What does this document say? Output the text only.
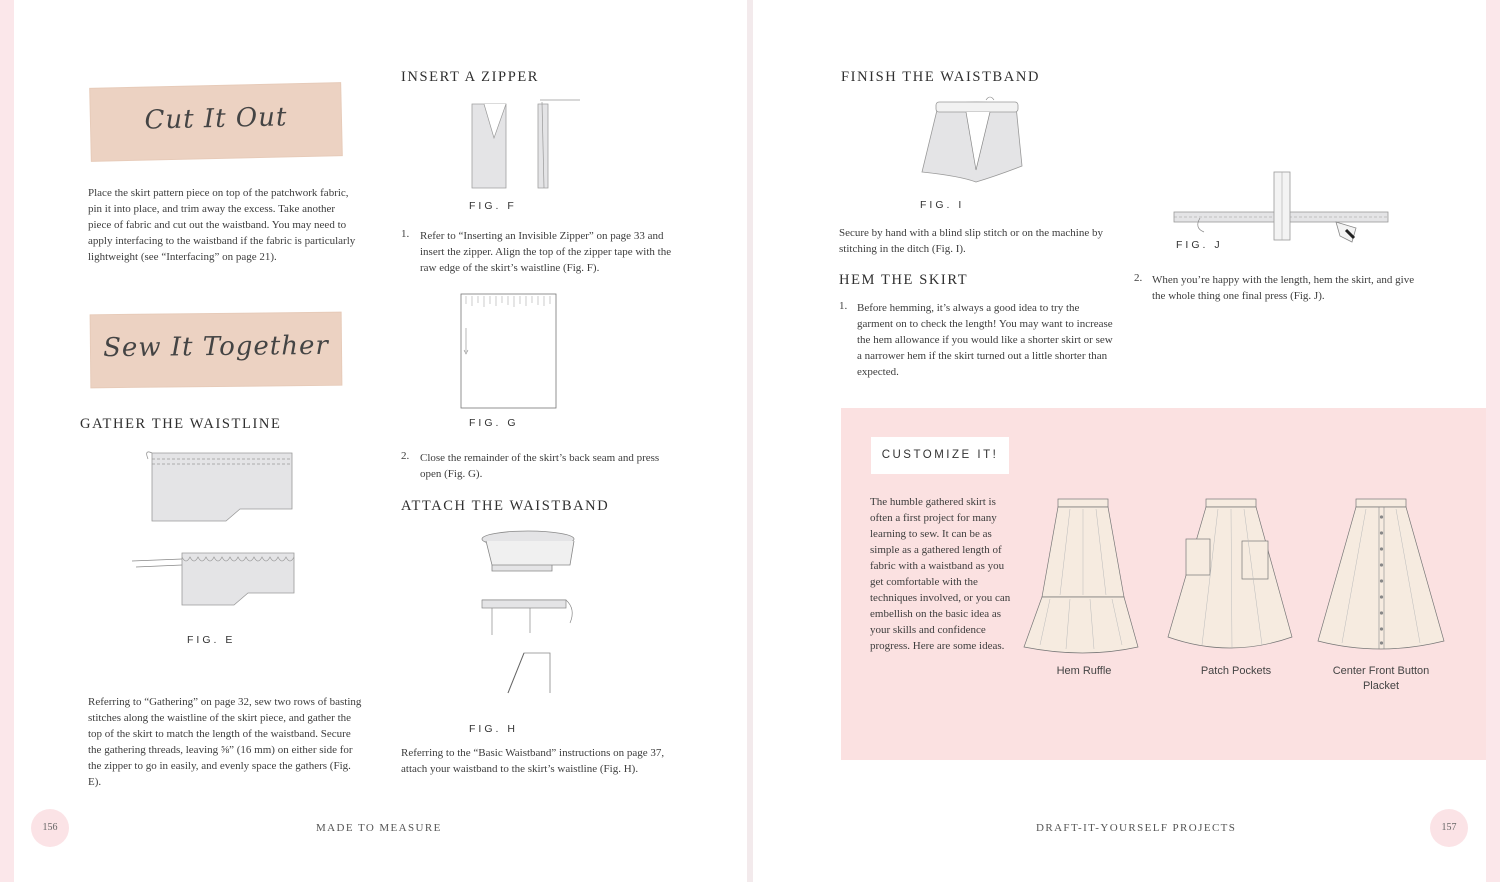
Cut It Out
Place the skirt pattern piece on top of the patchwork fabric, pin it into place, and trim away the excess. Take another piece of fabric and cut out the waistband. You may need to apply interfacing to the waistband if the fabric is particularly lightweight (see “Interfacing” on page 21).
Sew It Together
GATHER THE WAISTLINE
FIG. E
Referring to “Gathering” on page 32, sew two rows of basting stitches along the waistline of the skirt piece, and gather the top of the skirt to match the length of the waistband. Secure the gathering threads, leaving ⅝” (16 mm) on either side for the zipper to go in easily, and evenly space the gathers (Fig. E).
INSERT A ZIPPER
FIG. F
1. Refer to “Inserting an Invisible Zipper” on page 33 and insert the zipper. Align the top of the zipper tape with the raw edge of the skirt’s waistline (Fig. F).
FIG. G
2. Close the remainder of the skirt’s back seam and press open (Fig. G).
ATTACH THE WAISTBAND
FIG. H
Referring to the “Basic Waistband” instructions on page 37, attach your waistband to the skirt’s waistline (Fig. H).
156	MADE TO MEASURE
FINISH THE WAISTBAND
FIG. I
Secure by hand with a blind slip stitch or on the machine by stitching in the ditch (Fig. I).
HEM THE SKIRT
1. Before hemming, it’s always a good idea to try the garment on to check the length! You may want to increase the hem allowance if you would like a shorter skirt or sew a narrower hem if the skirt turned out a little shorter than expected.
FIG. J
2. When you’re happy with the length, hem the skirt, and give the whole thing one final press (Fig. J).
CUSTOMIZE IT!
The humble gathered skirt is often a first project for many learning to sew. It can be as simple as a gathered length of fabric with a waistband as you get comfortable with the techniques involved, or you can embellish on the basic idea as your skills and confidence progress. Here are some ideas.
Hem Ruffle	Patch Pockets	Center Front Button Placket
DRAFT-IT-YOURSELF PROJECTS	157
